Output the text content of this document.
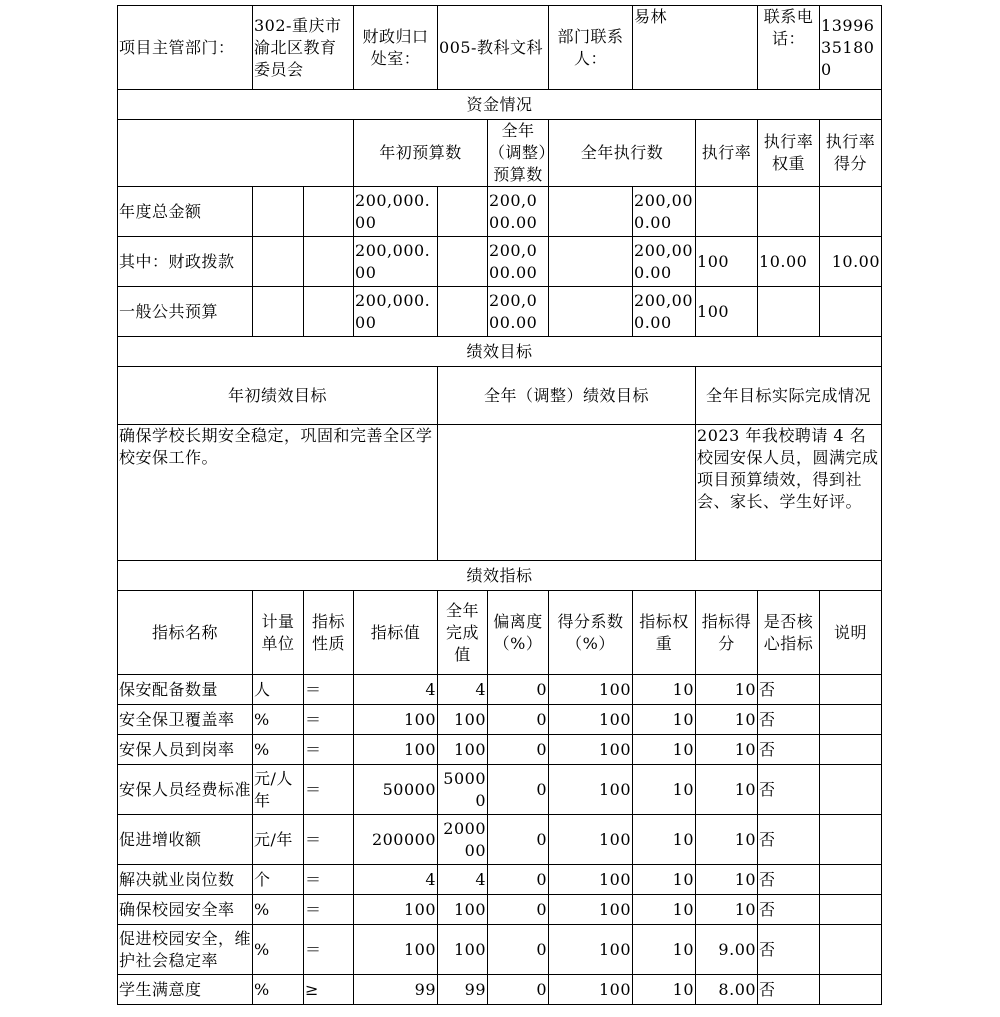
项目主管部门：	302-重庆市渝北区教育委员会		财政归口处室：	005-教科文科		部门联系人：	易林		联系电话：	13996351800
资金情况										
			年初预算数		全年（调整）预算数	全年执行数		执行率	执行率权重	执行率得分
年度总金额			200,000.00		200,000.00		200,000.00			
其中：财政拨款			200,000.00		200,000.00		200,000.00	100	10.00	10.00
一般公共预算			200,000.00		200,000.00		200,000.00	100		
绩效目标										
年初绩效目标				全年（调整）绩效目标				全年目标实际完成情况		
确保学校长期安全稳定，巩固和完善全区学校安保工作。								2023 年我校聘请 4 名校园安保人员，圆满完成项目预算绩效，得到社会、家长、学生好评。		
绩效指标										
指标名称	计量单位	指标性质	指标值	全年完成值	偏离度（%）	得分系数（%）	指标权重	指标得分	是否核心指标	说明
保安配备数量	人	＝	4	4	0	100	10	10	否	
安全保卫覆盖率	%	＝	100	100	0	100	10	10	否	
安保人员到岗率	%	＝	100	100	0	100	10	10	否	
安保人员经费标准	元/人年	＝	50000	50000	0	100	10	10	否	
促进增收额	元/年	＝	200000	200000	0	100	10	10	否	
解决就业岗位数	个	＝	4	4	0	100	10	10	否	
确保校园安全率	%	＝	100	100	0	100	10	10	否	
促进校园安全，维护社会稳定率	%	＝	100	100	0	100	10	9.00	否	
学生满意度	%	≥	99	99	0	100	10	8.00	否	
